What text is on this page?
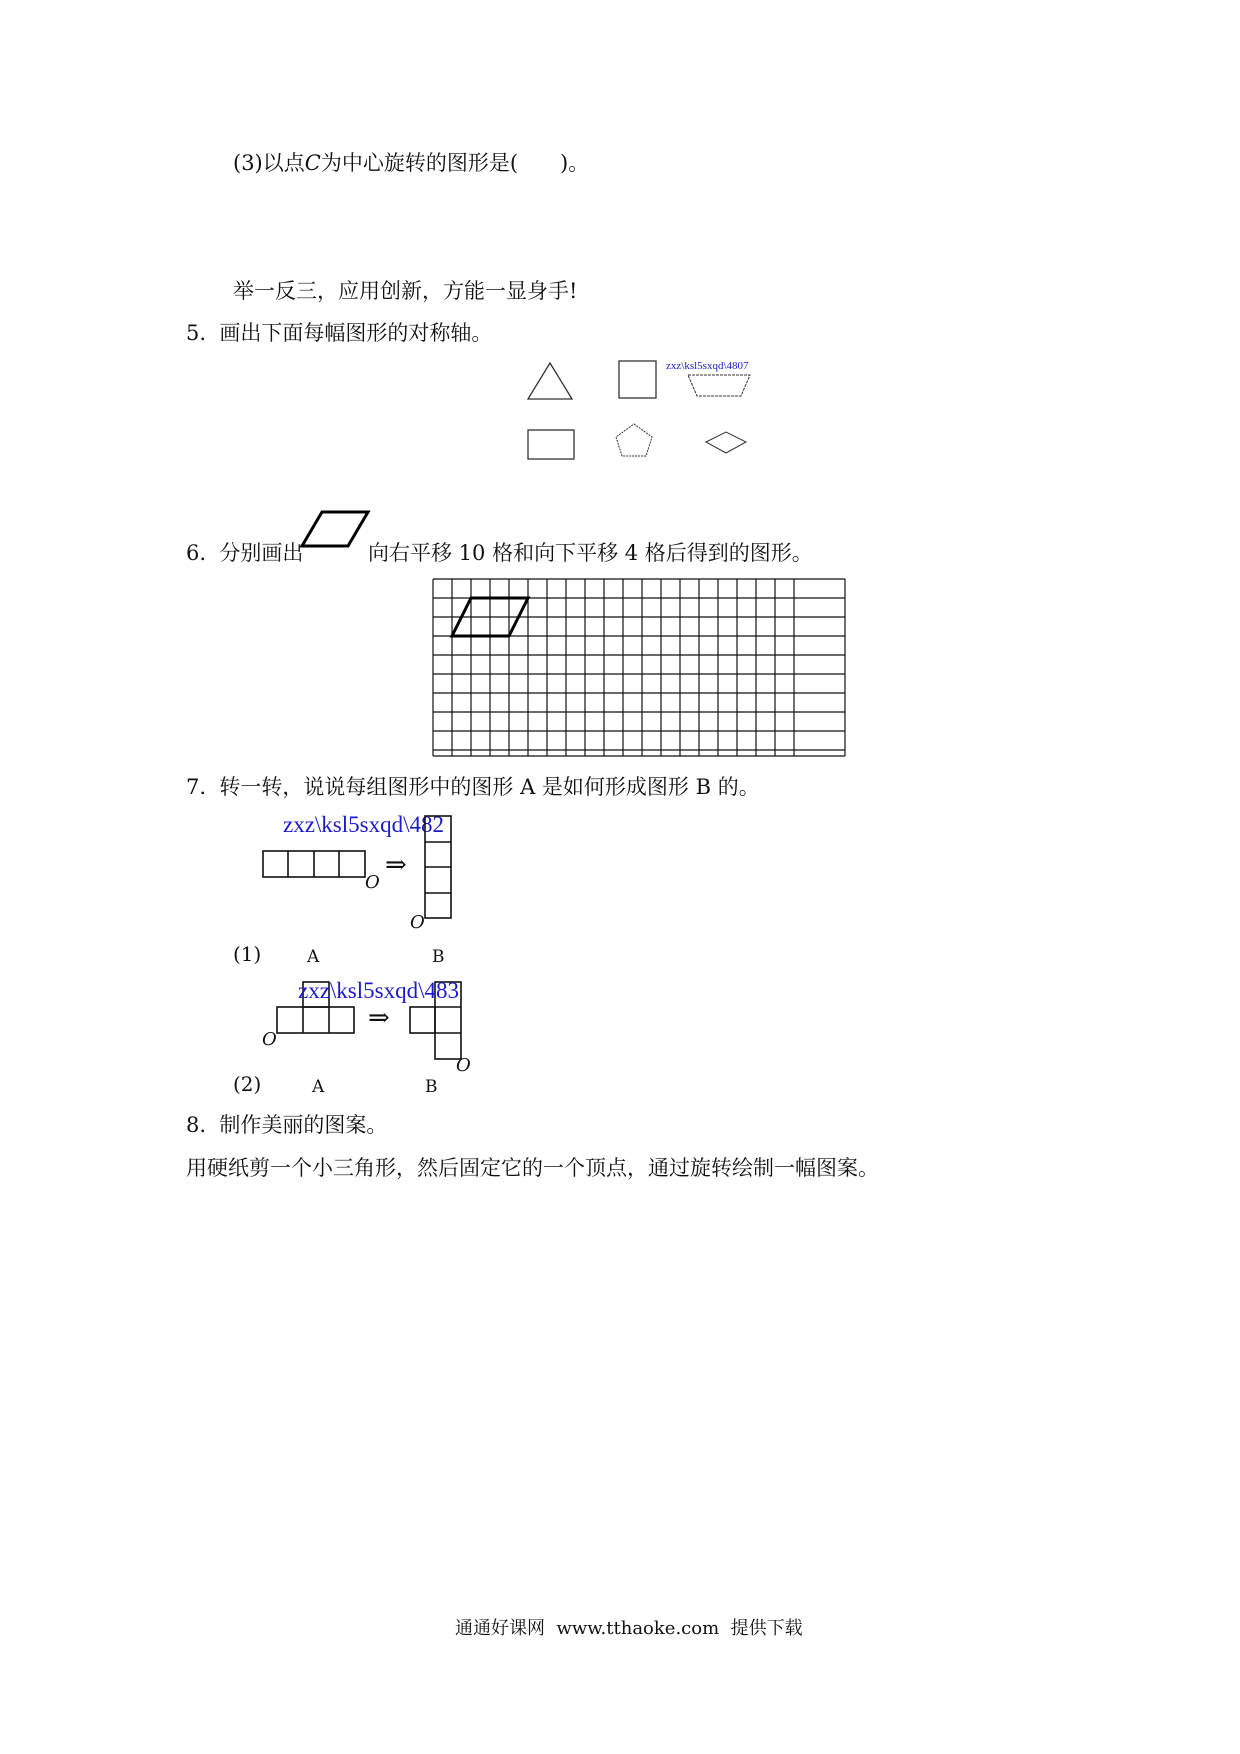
(3)以点C为中心旋转的图形是(　　)。
举一反三，应用创新，方能一显身手!
5. 画出下面每幅图形的对称轴。
zxz\ksl5sxqd\4807
6. 分别画出	向右平移 10 格和向下平移 4 格后得到的图形。
7. 转一转，说说每组图形中的图形 A 是如何形成图形 B 的。
zxz\ksl5sxqd\482
⇒
O
O
(1)	A	B
zxz\ksl5sxqd\483
⇒
O
O
(2)	A	B
8. 制作美丽的图案。
用硬纸剪一个小三角形，然后固定它的一个顶点，通过旋转绘制一幅图案。
通通好课网 www.tthaoke.com 提供下载
